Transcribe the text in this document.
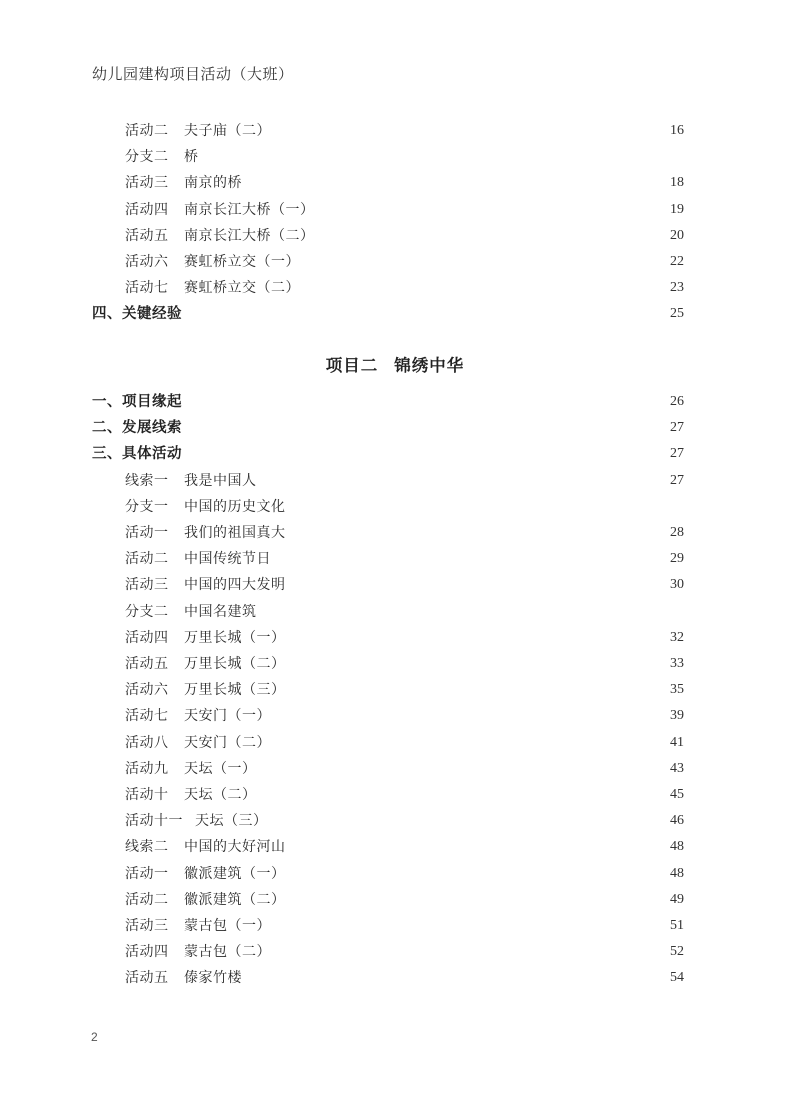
幼儿园建构项目活动（大班）
活动二 夫子庙（二）	16
分支二 桥
活动三 南京的桥	18
活动四 南京长江大桥（一）	19
活动五 南京长江大桥（二）	20
活动六 赛虹桥立交（一）	22
活动七 赛虹桥立交（二）	23
四、关键经验	25
项目二 锦绣中华
一、项目缘起	26
二、发展线索	27
三、具体活动	27
线索一 我是中国人	27
分支一 中国的历史文化
活动一 我们的祖国真大	28
活动二 中国传统节日	29
活动三 中国的四大发明	30
分支二 中国名建筑
活动四 万里长城（一）	32
活动五 万里长城（二）	33
活动六 万里长城（三）	35
活动七 天安门（一）	39
活动八 天安门（二）	41
活动九 天坛（一）	43
活动十 天坛（二）	45
活动十一 天坛（三）	46
线索二 中国的大好河山	48
活动一 徽派建筑（一）	48
活动二 徽派建筑（二）	49
活动三 蒙古包（一）	51
活动四 蒙古包（二）	52
活动五 傣家竹楼	54
2
